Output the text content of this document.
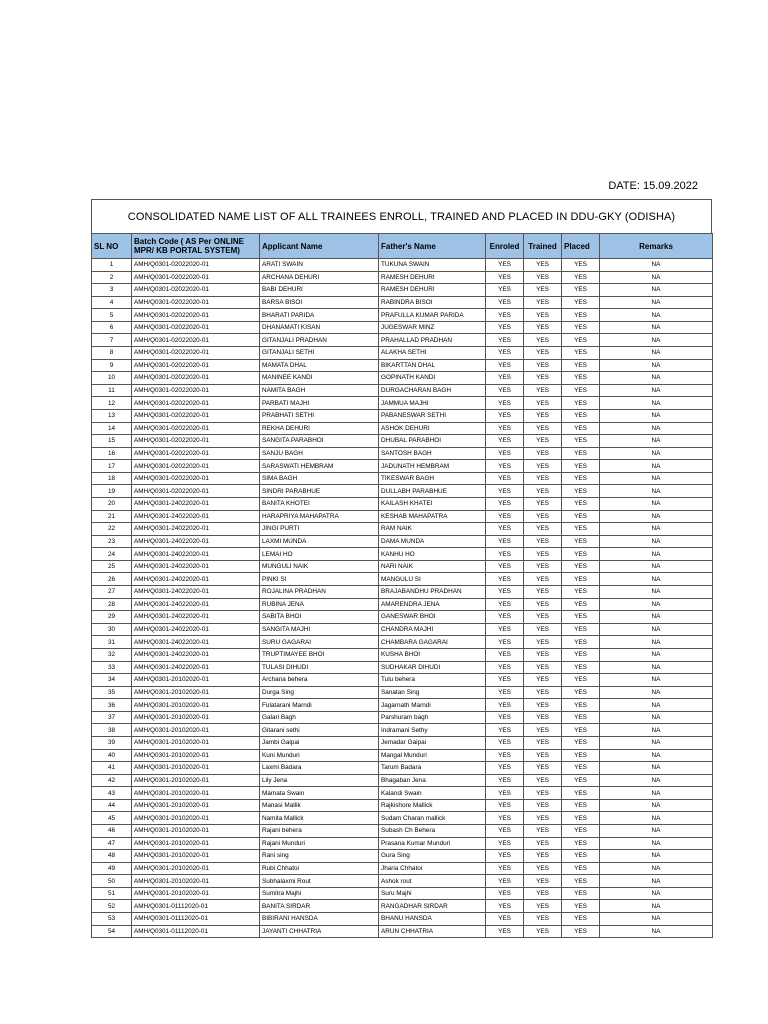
DATE: 15.09.2022
CONSOLIDATED NAME LIST OF ALL TRAINEES ENROLL, TRAINED AND PLACED IN DDU-GKY (ODISHA)
SL NO	Batch Code ( AS Per ONLINE MPR/ KB PORTAL SYSTEM)	Applicant Name	Father's Name	Enroled	Trained	Placed	Remarks
1	AMH/Q0301-02022020-01	ARATI SWAIN	TUKUNA SWAIN	YES	YES	YES	NA
2	AMH/Q0301-02022020-01	ARCHANA DEHURI	RAMESH DEHURI	YES	YES	YES	NA
3	AMH/Q0301-02022020-01	BABI DEHURI	RAMESH DEHURI	YES	YES	YES	NA
4	AMH/Q0301-02022020-01	BARSA BISOI	RABINDRA BISOI	YES	YES	YES	NA
5	AMH/Q0301-02022020-01	BHARATI PARIDA	PRAFULLA KUMAR PARIDA	YES	YES	YES	NA
6	AMH/Q0301-02022020-01	DHANAMATI KISAN	JUGESWAR MINZ	YES	YES	YES	NA
7	AMH/Q0301-02022020-01	GITANJALI PRADHAN	PRAHALLAD PRADHAN	YES	YES	YES	NA
8	AMH/Q0301-02022020-01	GITANJALI SETHI	ALAKHA SETHI	YES	YES	YES	NA
9	AMH/Q0301-02022020-01	MAMATA DHAL	BIKARTTAN DHAL	YES	YES	YES	NA
10	AMH/Q0301-02022020-01	MANINEE KANDI	GOPINATH KANDI	YES	YES	YES	NA
11	AMH/Q0301-02022020-01	NAMITA BAGH	DURGACHARAN BAGH	YES	YES	YES	NA
12	AMH/Q0301-02022020-01	PARBATI MAJHI	JAMMUA MAJHI	YES	YES	YES	NA
13	AMH/Q0301-02022020-01	PRABHATI SETHI	PABANESWAR SETHI	YES	YES	YES	NA
14	AMH/Q0301-02022020-01	REKHA DEHURI	ASHOK DEHURI	YES	YES	YES	NA
15	AMH/Q0301-02022020-01	SANGITA PARABHOI	DHUBAL PARABHOI	YES	YES	YES	NA
16	AMH/Q0301-02022020-01	SANJU BAGH	SANTOSH BAGH	YES	YES	YES	NA
17	AMH/Q0301-02022020-01	SARASWATI HEMBRAM	JADUNATH HEMBRAM	YES	YES	YES	NA
18	AMH/Q0301-02022020-01	SIMA BAGH	TIKESWAR BAGH	YES	YES	YES	NA
19	AMH/Q0301-02022020-01	SINDRI PARABHUE	DULLABH PARABHUE	YES	YES	YES	NA
20	AMH/Q0301-24022020-01	BANITA KHOTEI	KAILASH KHATEI	YES	YES	YES	NA
21	AMH/Q0301-24022020-01	HARAPRIYA MAHAPATRA	KESHAB MAHAPATRA	YES	YES	YES	NA
22	AMH/Q0301-24022020-01	JINGI PURTI	RAM NAIK	YES	YES	YES	NA
23	AMH/Q0301-24022020-01	LAXMI MUNDA	DAMA MUNDA	YES	YES	YES	NA
24	AMH/Q0301-24022020-01	LEMAI HO	KANHU HO	YES	YES	YES	NA
25	AMH/Q0301-24022020-01	MUNGULI NAIK	NARI NAIK	YES	YES	YES	NA
26	AMH/Q0301-24022020-01	PINKI SI	MANGULU SI	YES	YES	YES	NA
27	AMH/Q0301-24022020-01	ROJALINA PRADHAN	BRAJABANDHU PRADHAN	YES	YES	YES	NA
28	AMH/Q0301-24022020-01	RUBINA JENA	AMARENDRA JENA	YES	YES	YES	NA
29	AMH/Q0301-24022020-01	SABITA BHOI	GANESWAR BHOI	YES	YES	YES	NA
30	AMH/Q0301-24022020-01	SANGITA MAJHI	CHANDRA MAJHI	YES	YES	YES	NA
31	AMH/Q0301-24022020-01	SURU GAGARAI	CHAMBARA GAGARAI	YES	YES	YES	NA
32	AMH/Q0301-24022020-01	TRUPTIMAYEE BHOI	KUSHA BHOI	YES	YES	YES	NA
33	AMH/Q0301-24022020-01	TULASI DIHUDI	SUDHAKAR DIHUDI	YES	YES	YES	NA
34	AMH/Q0301-20102020-01	Archana behera	Tulu behera	YES	YES	YES	NA
35	AMH/Q0301-20102020-01	Durga Sing	Sanatan Sing	YES	YES	YES	NA
36	AMH/Q0301-20102020-01	Fulatarani Marndi	Jagarnath Marndi	YES	YES	YES	NA
37	AMH/Q0301-20102020-01	Galari Bagh	Parshuram bagh	YES	YES	YES	NA
38	AMH/Q0301-20102020-01	Gitarani sethi	Indramani Sethy	YES	YES	YES	NA
39	AMH/Q0301-20102020-01	Jambi Gaipai	Jemadar Gaipai	YES	YES	YES	NA
40	AMH/Q0301-20102020-01	Kuni Munduri	Mangal Munduri	YES	YES	YES	NA
41	AMH/Q0301-20102020-01	Laxmi Badara	Tarum Badara	YES	YES	YES	NA
42	AMH/Q0301-20102020-01	Lily Jena	Bhagaban Jena	YES	YES	YES	NA
43	AMH/Q0301-20102020-01	Mamata Swain	Kalandi Swain	YES	YES	YES	NA
44	AMH/Q0301-20102020-01	Manasi Mallik	Rajkishore Mallick	YES	YES	YES	NA
45	AMH/Q0301-20102020-01	Namita Mallick	Sudam Charan mallick	YES	YES	YES	NA
46	AMH/Q0301-20102020-01	Rajani behera	Subash Ch Behera	YES	YES	YES	NA
47	AMH/Q0301-20102020-01	Rajani Munduri	Prasana Kumar Munduri	YES	YES	YES	NA
48	AMH/Q0301-20102020-01	Rani sing	Gura Sing	YES	YES	YES	NA
49	AMH/Q0301-20102020-01	Rubi Chhatoi	Jharia Chhatoi	YES	YES	YES	NA
50	AMH/Q0301-20102020-01	Subhalaxmi Rout	Ashok rout	YES	YES	YES	NA
51	AMH/Q0301-20102020-01	Sumitra Majhi	Suru Majhi	YES	YES	YES	NA
52	AMH/Q0301-01112020-01	BANITA SIRDAR	RANGADHAR SIRDAR	YES	YES	YES	NA
53	AMH/Q0301-01112020-01	BIBIRANI HANSDA	BHANU HANSDA	YES	YES	YES	NA
54	AMH/Q0301-01112020-01	JAYANTI CHHATRIA	ARUN CHHATRIA	YES	YES	YES	NA
